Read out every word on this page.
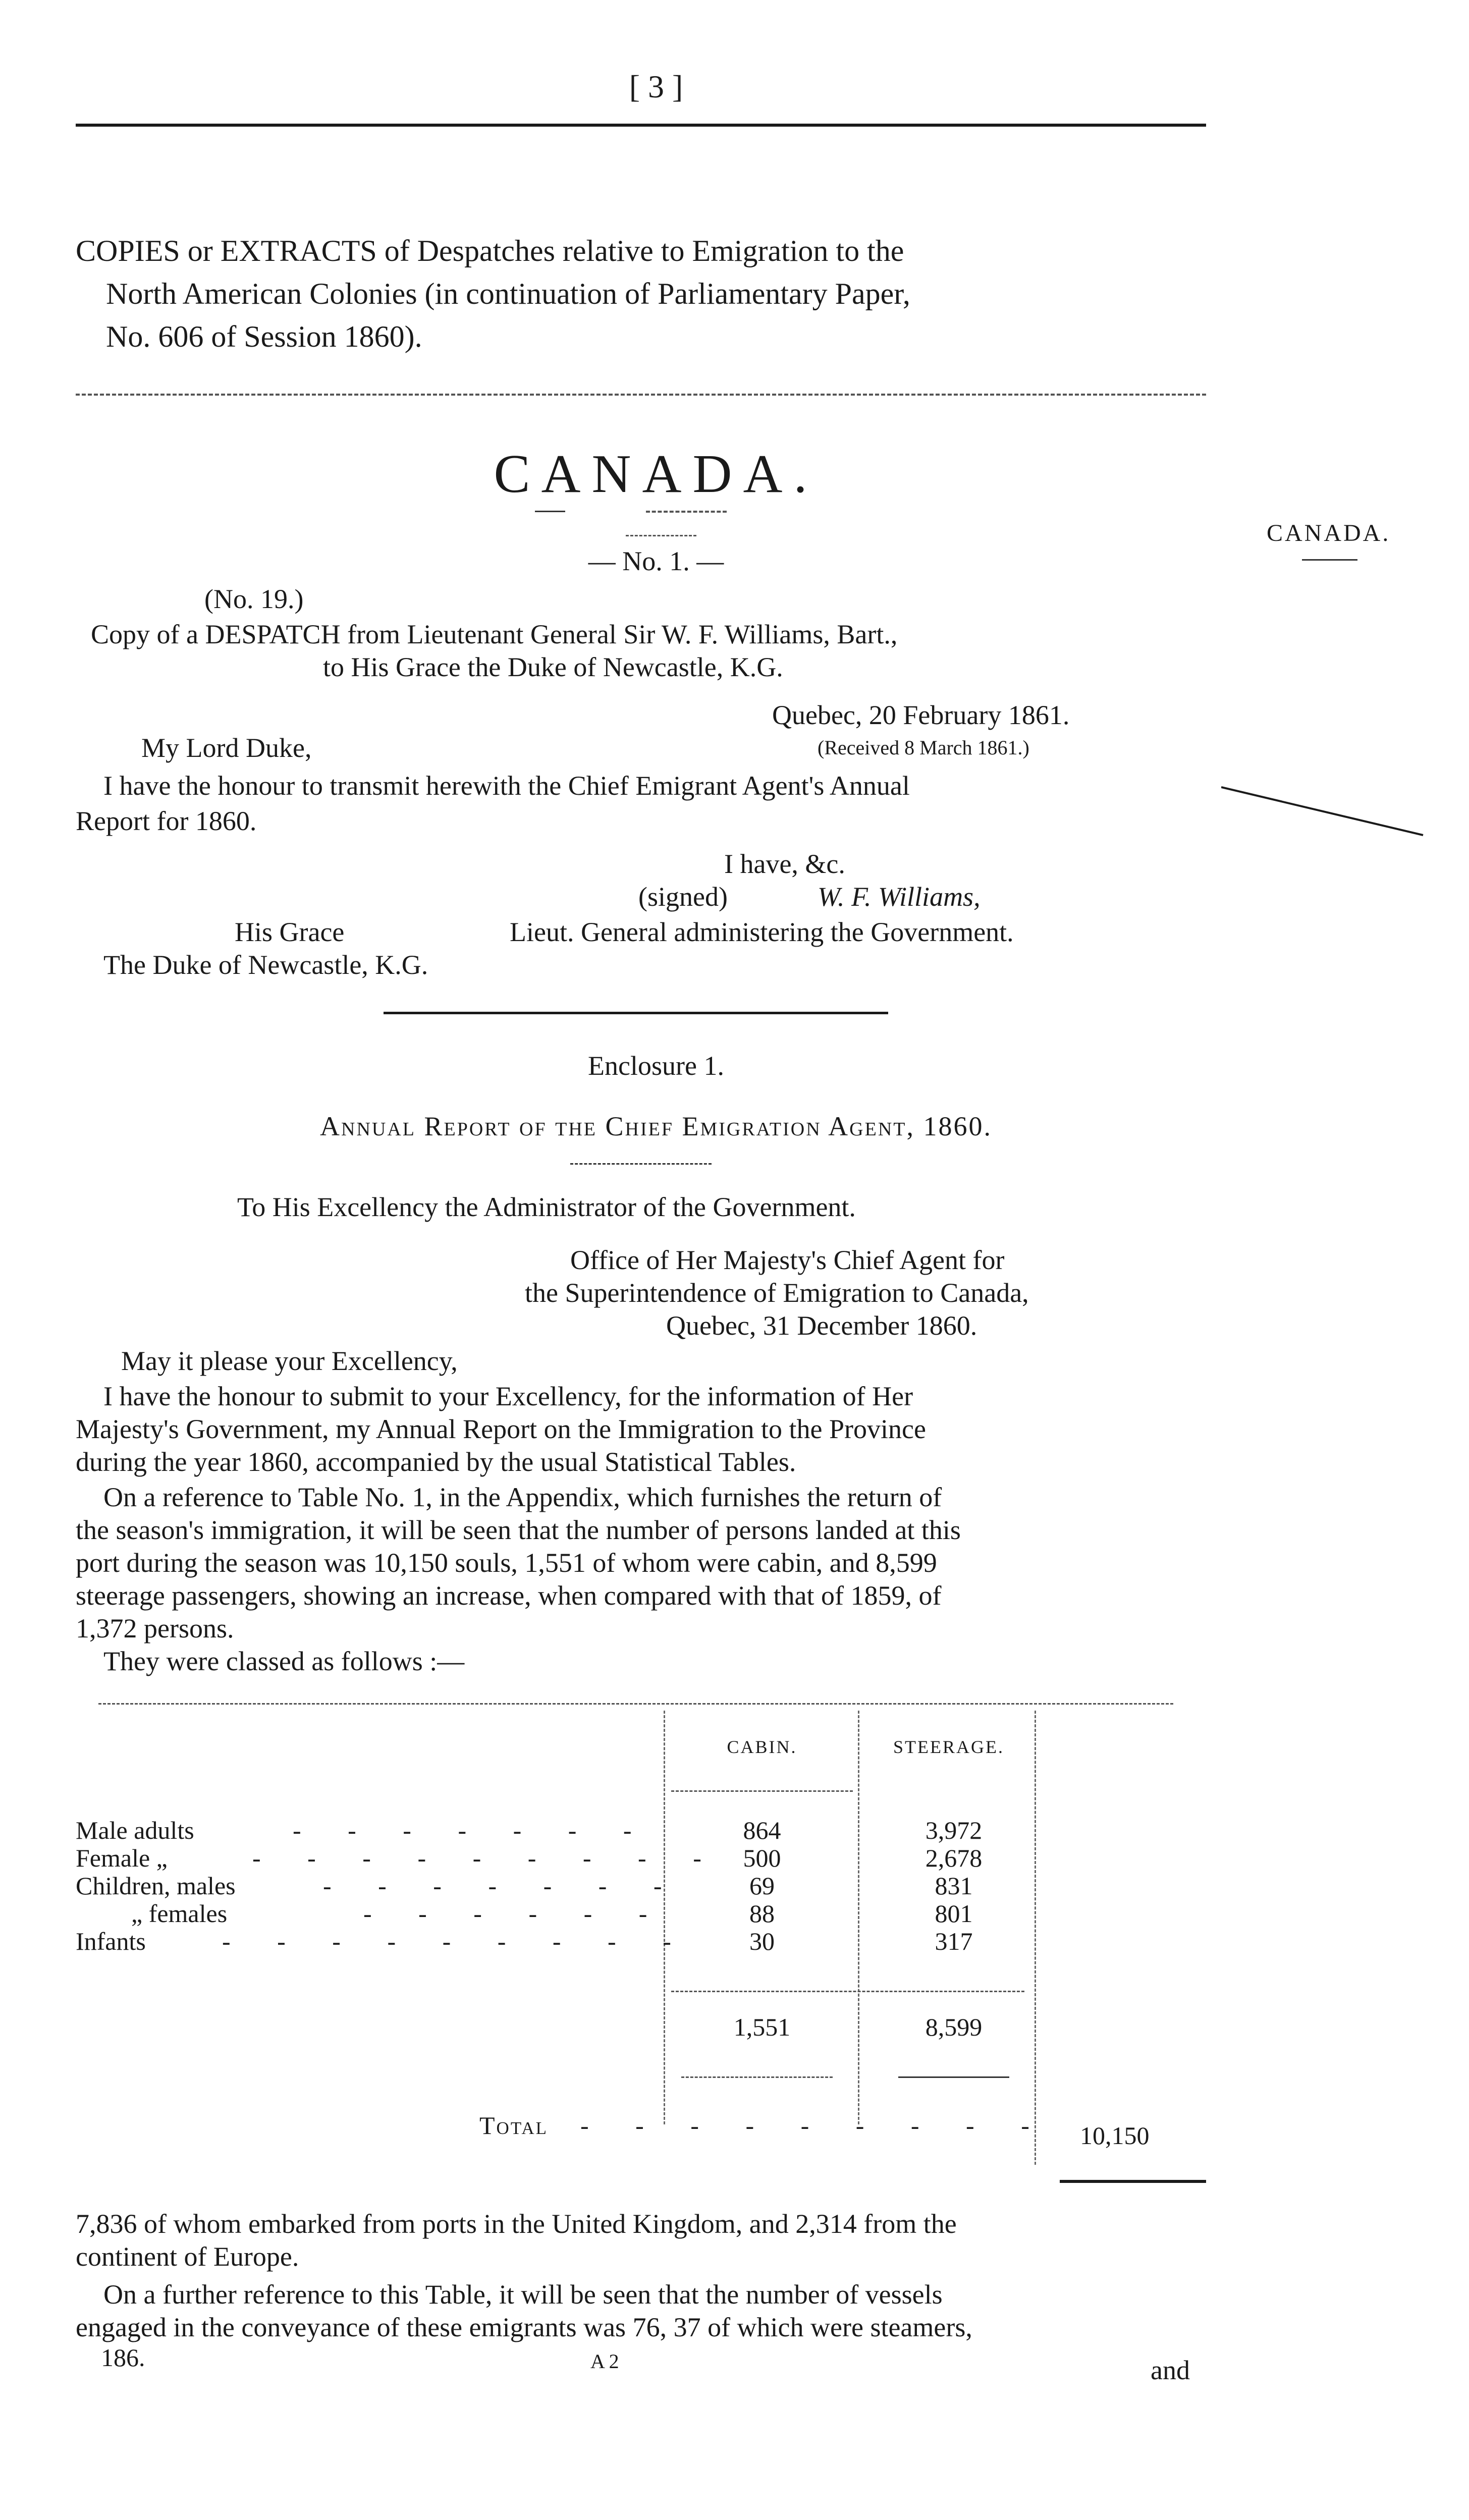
[ 3 ]
COPIES or EXTRACTS of Despatches relative to Emigration to the
North American Colonies (in continuation of Parliamentary Paper,
No. 606 of Session 1860).
CANADA.
CANADA.
— No. 1. —
(No. 19.)
Copy of a DESPATCH from Lieutenant General Sir W. F. Williams, Bart.,
to His Grace the Duke of Newcastle, K.G.
Quebec, 20 February 1861.
(Received 8 March 1861.)
My Lord Duke,
I have the honour to transmit herewith the Chief Emigrant Agent's Annual
Report for 1860.
I have, &c.
(signed)	W. F. Williams,
His Grace	Lieut. General administering the Government.
The Duke of Newcastle, K.G.
Enclosure 1.
Annual Report of the Chief Emigration Agent, 1860.
To His Excellency the Administrator of the Government.
Office of Her Majesty's Chief Agent for
the Superintendence of Emigration to Canada,
Quebec, 31 December 1860.
May it please your Excellency,
I have the honour to submit to your Excellency, for the information of Her
Majesty's Government, my Annual Report on the Immigration to the Province
during the year 1860, accompanied by the usual Statistical Tables.
On a reference to Table No. 1, in the Appendix, which furnishes the return of
the season's immigration, it will be seen that the number of persons landed at this
port during the season was 10,150 souls, 1,551 of whom were cabin, and 8,599
steerage passengers, showing an increase, when compared with that of 1859, of
1,372 persons.
They were classed as follows :—
CABIN.	STEERAGE.
Male adults	- - - - - - -	864	3,972
Female „	- - - - - - - - - 500	2,678
Children, males	- - - - - - -	69	831
„ females	- - - - - -	88	801
Infants	- - - - - - - - -	30	317
1,551	8,599
Total - - - - - - - - - 10,150
7,836 of whom embarked from ports in the United Kingdom, and 2,314 from the
continent of Europe.
On a further reference to this Table, it will be seen that the number of vessels
engaged in the conveyance of these emigrants was 76, 37 of which were steamers,
186.	A 2	and
